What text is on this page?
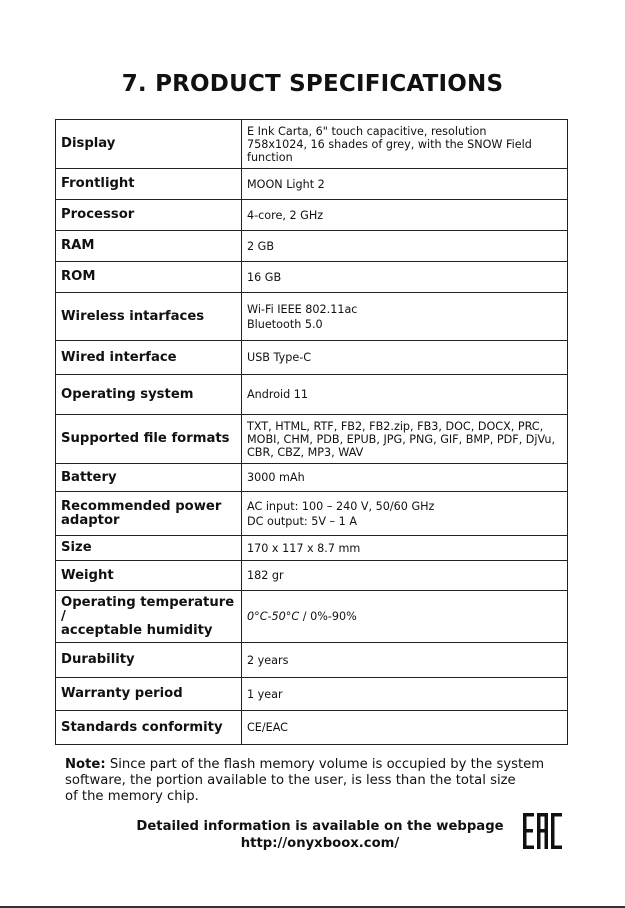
7. PRODUCT SPECIFICATIONS
Display	E Ink Carta, 6" touch capacitive, resolution
758x1024, 16 shades of grey, with the SNOW Field
function

Frontlight	MOON Light 2

Processor	4-core, 2 GHz

RAM	2 GB

ROM	16 GB

Wireless intarfaces	Wi-Fi IEEE 802.11ac
Bluetooth 5.0

Wired interface	USB Type-C

Operating system	Android 11

Supported file formats	TXT, HTML, RTF, FB2, FB2.zip, FB3, DOC, DOCX, PRC,
MOBI, CHM, PDB, EPUB, JPG, PNG, GIF, BMP, PDF, DjVu,
CBR, CBZ, MP3, WAV

Battery	3000 mAh

Recommended power
adaptor	AC input: 100 – 240 V, 50/60 GHz
DC output: 5V – 1 A

Size	170 x 117 x 8.7 mm

Weight	182 gr

Operating temperature /
acceptable humidity	0°C-50°C / 0%-90%
Durability	2 years

Warranty period	1 year

Standards conformity	CE/EAC
Note: Since part of the flash memory volume is occupied by the system
software, the portion available to the user, is less than the total size
of the memory chip.
Detailed information is available on the webpage
http://onyxboox.com/
